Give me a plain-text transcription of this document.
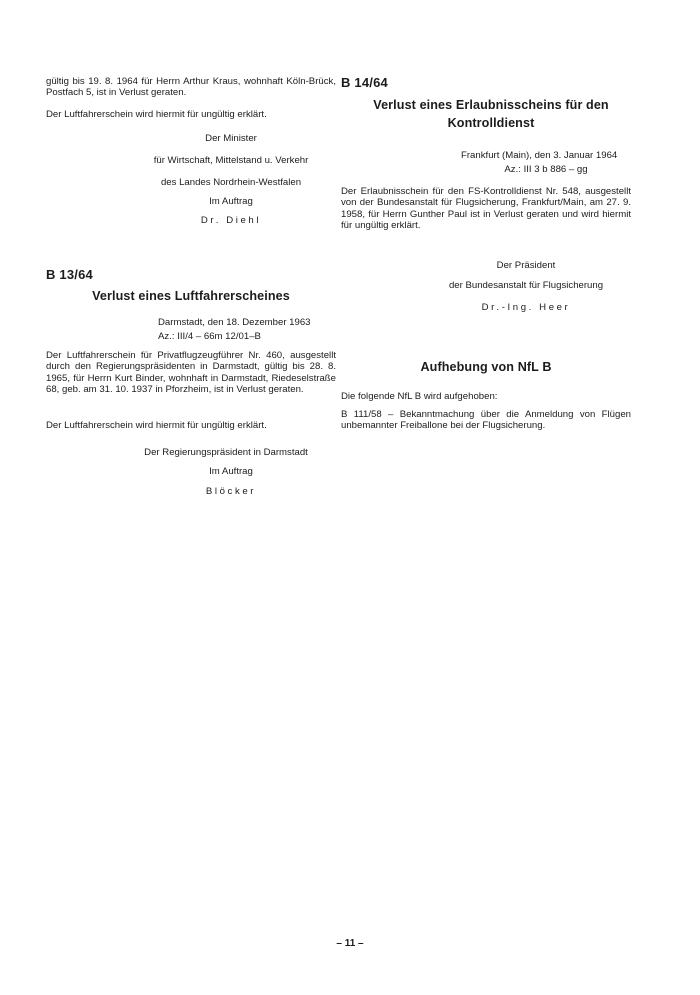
gültig bis 19. 8. 1964 für Herrn Arthur Kraus, wohnhaft Köln-Brück, Postfach 5, ist in Verlust geraten.

Der Luftfahrerschein wird hiermit für ungültig erklärt.

Der Minister

für Wirtschaft, Mittelstand u. Verkehr

des Landes Nordrhein-Westfalen

Im Auftrag

Dr. Diehl

B 13/64
Verlust eines Luftfahrerscheines

Darmstadt, den 18. Dezember 1963

Az.: III/4 – 66m 12/01–B

Der Luftfahrerschein für Privatflugzeugführer Nr. 460, ausgestellt durch den Regierungspräsidenten in Darmstadt, gültig bis 28. 8. 1965, für Herrn Kurt Binder, wohnhaft in Darmstadt, Riedeselstraße 68, geb. am 31. 10. 1937 in Pforzheim, ist in Verlust geraten.

Der Luftfahrerschein wird hiermit für ungültig erklärt.

Der Regierungspräsident in Darmstadt

Im Auftrag

Blöcker

B 14/64
Verlust eines Erlaubnisscheins für den Kontrolldienst

Frankfurt (Main), den 3. Januar 1964

Az.: III 3 b 886 – gg

Der Erlaubnisschein für den FS-Kontrolldienst Nr. 548, ausgestellt von der Bundesanstalt für Flugsicherung, Frankfurt/Main, am 27. 9. 1958, für Herrn Gunther Paul ist in Verlust geraten und wird hiermit für ungültig erklärt.

Der Präsident

der Bundesanstalt für Flugsicherung

Dr.-Ing. Heer

Aufhebung von NfL B

Die folgende NfL B wird aufgehoben:

B 111/58 – Bekanntmachung über die Anmeldung von Flügen unbemannter Freiballone bei der Flugsicherung.

– 11 –
